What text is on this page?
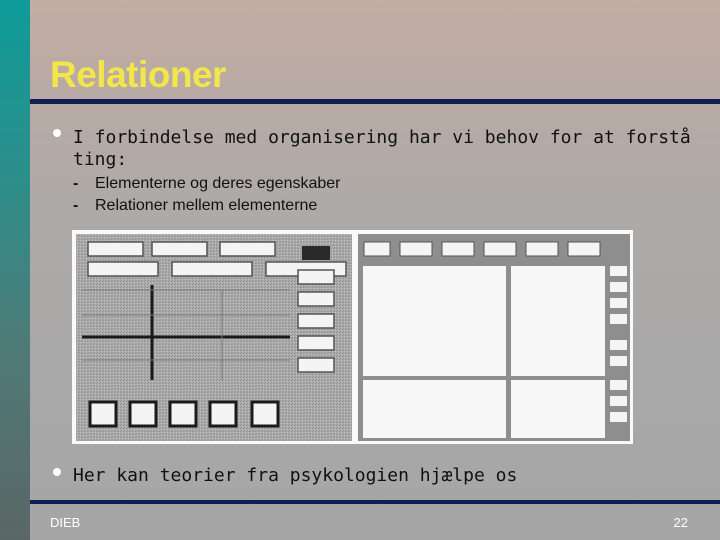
Relationer
I forbindelse med organisering har vi behov for at forstå ting:
- Elementerne og deres egenskaber
- Relationer mellem elementerne
Her kan teorier fra psykologien hjælpe os
DIEB	22
